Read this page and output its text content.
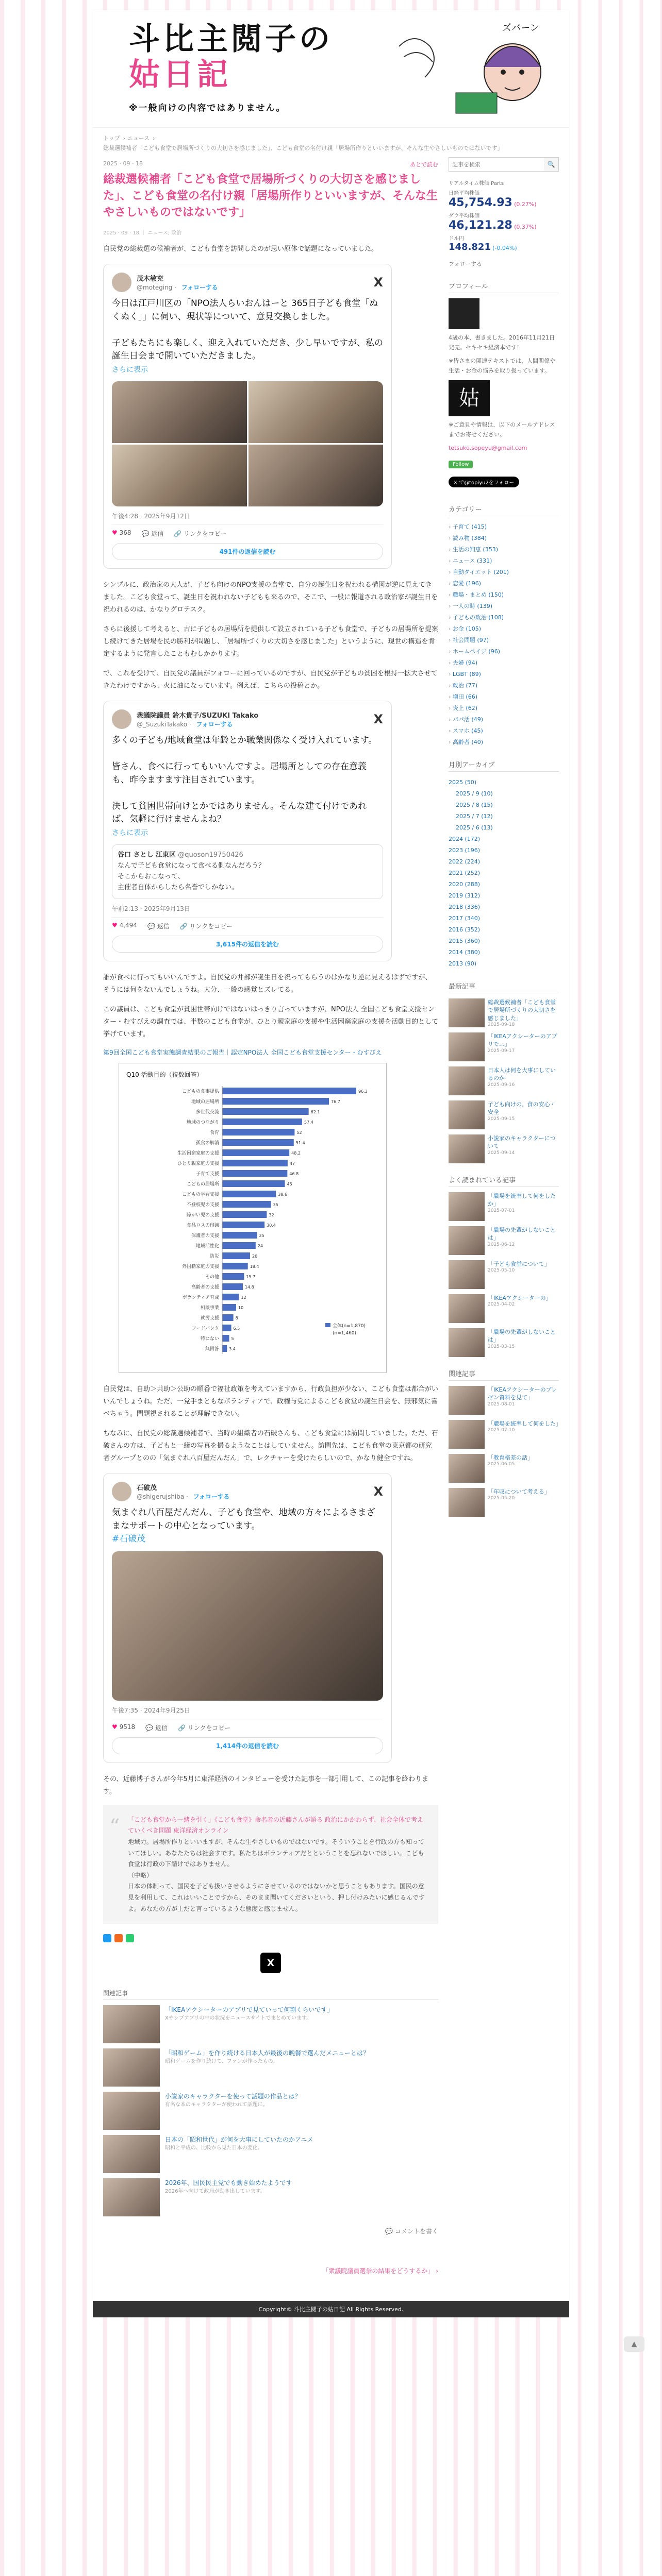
斗比主閲子の
姑日記
※一般向けの内容ではありません。
ズバーン
トップ › ニュース › 総裁選候補者「こども食堂で居場所づくりの大切さを感じました」、こども食堂の名付け親「居場所作りといいますが、そんな生やさしいものではないです」
2025 · 09 · 18	あとで読む
総裁選候補者「こども食堂で居場所づくりの大切さを感じました」、こども食堂の名付け親「居場所作りといいますが、そんな生やさしいものではないです」
2025 · 09 · 18 ｜ ニュース, 政治

自民党の総裁選の候補者が、こども食堂を訪問したのが思い原体で話題になっていました。

茂木敏充
@moteging · フォローする	X

今日は江戸川区の「NPO法人らいおんはーと 365日子ども食堂「ぬくぬく」」に伺い、現状等について、意見交換しました。

子どもたちにも楽しく、迎え入れていただき、少し早いですが、私の誕生日会まで開いていただきました。

さらに表示
午後4:28 · 2025年9月12日
♥ 368 💬 返信 🔗 リンクをコピー
491件の返信を読む

シンプルに、政治家の大人が、子ども向けのNPO支援の食堂で、自分の誕生日を祝われる構図が逆に見えてきました。こども食堂って、誕生日を祝われない子どもも来るので、そこで、一般に報道される政治家が誕生日を祝われるのは、かなりグロテスク。

さらに後援して考えると、古に子どもの居場所を提供して設立されている子ども食堂で、子どもの居場所を提案し続けてきた居場を民の勝利が問題し、「居場所づくりの大切さを感じました」というように、現世の構造を肯定するように発言したこともむしかかります。

で、これを受けて、自民党の議員がフォローに回っているのですが、自民党が子どもの貧困を根持一拡大させてきたわけですから、火に油になっています。例えば、こちらの投稿とか。

衆議院議員 鈴木貴子/SUZUKI Takako
@_SuzukiTakako · フォローする	X

多くの子ども/地域食堂は年齢とか職業関係なく受け入れています。

皆さん、食べに行ってもいいんですよ。居場所としての存在意義も、昨今ますます注目されています。

決して貧困世帯向けとかではありません。そんな建て付けであれば、気軽に行けませんよね？

さらに表示
谷口 さとし 江東区 @quoson19750426
なんで子ども食堂になって食べる側なんだろう？
そこからおこなって、
主催者自体からしたら名誉でしかない。
午前2:13 · 2025年9月13日
♥ 4,494 💬 返信 🔗 リンクをコピー
3,615件の返信を読む

誰が食べに行ってもいいんですよ。自民党の井部が誕生日を祝ってもらうのはかなり逆に見えるはずですが、そうには何をないんでしょうね。大分、一般の感覚とズレてる。

この議員は、こども食堂が貧困世帯向けではないはっきり言っていますが、NPO法人 全国こども食堂支援センター・むすびえの調査では、半数のこども食堂が、ひとり親家庭の支援や生活困窮家庭の支援を活動目的として挙げています。

第9回全国こども食堂実態調査結果のご報告｜認定NPO法人 全国こども食堂支援センター・むすびえ

Q10 活動目的（複数回答）
こどもの食事提供	96.3
地域の居場所	76.7
多世代交流	62.1
地域のつながり	57.4
食育	52
孤食の解消	51.4
生活困窮家庭の支援	48.2
ひとり親家庭の支援	47
子育て支援	46.8
こどもの居場所	45
こどもの学習支援	38.6
不登校児の支援	35
障がい児の支援	32
食品ロスの削減	30.4
保護者の支援	25
地域活性化	24
防災	20
外国籍家庭の支援	18.4
その他	15.7
高齢者の支援	14.8
ボランティア育成	12
相談事業	10
就労支援	8
フードバンク	6.5
特にない	5
無回答 3.4
全体(n=1,870)
(n=1,460)

自民党は、自助＞共助＞公助の順番で福祉政策を考えていますから、行政負担が少ない、こども食堂は都合がいいんでしょうね。ただ、一党手まともなボランティアで、政権与党によるこども食堂の誕生日会を、無邪気に喜べちゃう。問題視されることが理解できない。

ちなみに、自民党の総裁選候補者で、当時の組織者の石破さんも、こども食堂には訪問していました。ただ、石破さんの方は、子どもと一緒の写真を撮るようなことはしていません。訪問先は、こども食堂の東京都の研究者グループとのの「気まぐれ八百屋だんだん」で、レクチャーを受けたらしいので、かなり健全ですね。

石破茂
@shigerujshiba · フォローする	X

気まぐれ八百屋だんだん、子ども食堂や、地域の方々によるさまざまなサポートの中心となっています。

#石破茂
午後7:35 · 2024年9月25日
♥ 9518 💬 返信 🔗 リンクをコピー
1,414件の返信を読む

その、近藤博子さんが今年5月に東洋経済のインタビューを受けた記事を一部引用して、この記事を終わります。

“ 「こども食堂から一緒を引く」《こども食堂》命名者の近藤さんが語る 政治にかかわらず、社会全体で考えていくべき問題 東洋経済オンライン

地域力。居場所作りといいますが、そんな生やさしいものではないです。そういうことを行政の方も知っていてほしい。あなたたちは社会すです。私たちはボランティアだとということを忘れないでほしい。こども食堂は行政の下請けではありません。

（中略）

日本の体制って、国民を子ども扱いさせるようにさせているのではないかと思うこともあります。国民の意見を利用して、これはいいことですから、そのまま聞いてくださいという、押し付けみたいに感じるんですよ。あなたの方が上だと言っているような態度と感じません。

X
関連記事
「IKEAアクシーターのアプリで見ていって何割くらいです」
Xやシブアプリの中の状況をニュースサイトでまとめています。
「昭和ゲーム」を作り続ける日本人が最後の晩餐で選んだメニューとは？
昭和ゲームを作り続けて、ファンが作ったもの。
小説家のキャラクターを使って話題の作品とは？
有名な本のキャラクターが使われて話題に。
日本の「昭和世代」が何を大事にしていたのかアニメ
昭和と平成の、比較から見た日本の変化。
2026年、国民民主党でも動き始めたようです
2026年へ向けて政局が動き出しています。
💬 コメントを書く
「衆議院議員選挙の結果をどうするか」 ›
記事を検索
🔍
リアルタイム株価 Parts
日経平均株価
45,754.93 (0.27%)
ダウ平均株価
46,121.28 (0.37%)
ドル円
148.821 (-0.04%)
フォローする
プロフィール

4歳の本、書きました。2016年11月21日発売。セキセキ経済本です！

※皆さまの関連テキストでは、人間関係や生活・お金の悩みを取り扱っています。

姑

※ご意見や情報は、以下のメールアドレスまでお寄せください。

tetsuko.sopeyu@gmail.com

Follow
X で@topiyu2をフォロー
カテゴリー
› 子育て (415)
› 読み物 (384)
› 生活の知恵 (353)
› ニュース (331)
› 自動ダイエット (201)
› 恋愛 (196)
› 職場・まとめ (150)
› 一人の時 (139)
› 子どもの政治 (108)
› お金 (105)
› 社会問題 (97)
› ホームペイジ (96)
› 夫婦 (94)
› LGBT (89)
› 政治 (77)
› 増田 (66)
› 炎上 (62)
› パパ活 (49)
› スマホ (45)
› 高齢者 (40)
月別アーカイブ
2025 (50)
2025 / 9 (10)
2025 / 8 (15)
2025 / 7 (12)
2025 / 6 (13)
2024 (172)
2023 (196)
2022 (224)
2021 (252)
2020 (288)
2019 (312)
2018 (336)
2017 (340)
2016 (352)
2015 (360)
2014 (380)
2013 (90)
最新記事
総裁選候補者「こども食堂で居場所づくりの大切さを感じました」
2025-09-18
「IKEAアクシーターのアプリで…」
2025-09-17
日本人は何を大事にしているのか
2025-09-16
子ども向けの、食の安心・安全
2025-09-15
小説家のキャラクターについて
2025-09-14
よく読まれている記事
「職場を統率して何をしたか」
2025-07-01
「職場の先輩がしないことは」
2025-06-12
「子ども食堂について」
2025-05-10
「IKEAアクシーターの」
2025-04-02
「職場の先輩がしないことは」
2025-03-15
関連記事
「IKEAアクシーターのプレゼン資料を見て」
2025-08-01
「職場を統率して何をした」
2025-07-10
「教育格差の話」
2025-06-05
「年収について考える」
2025-05-20
Copyright© 斗比主閲子の姑日記 All Rights Reserved.
▲
